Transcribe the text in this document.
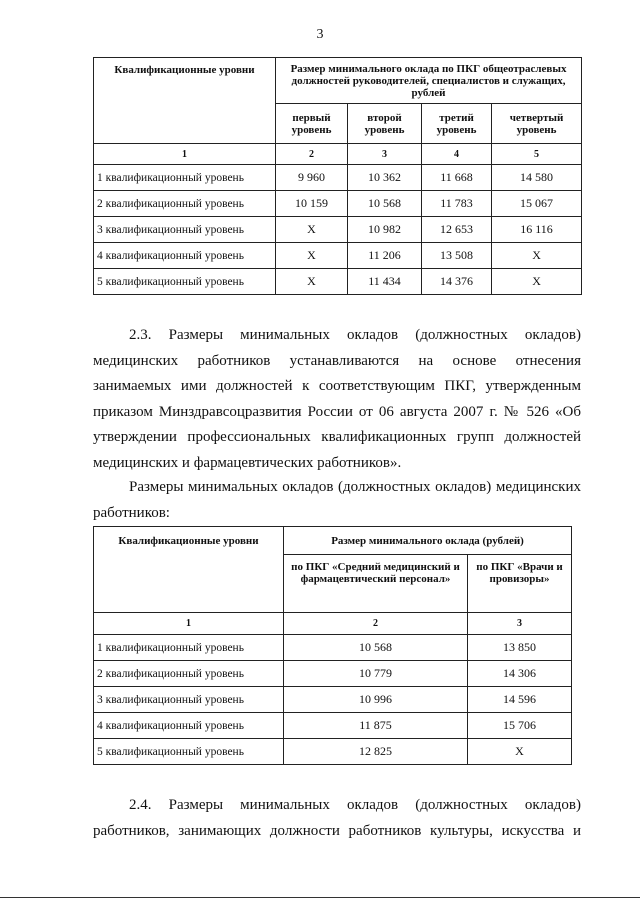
3
Квалификационные уровни	Размер минимального оклада по ПКГ общеотраслевых должностей руководителей, специалистов и служащих, рублей			
	первый уровень	второй уровень	третий уровень	четвертый уровень
1	2	3	4	5
1 квалификационный уровень	9 960	10 362	11 668	14 580
2 квалификационный уровень	10 159	10 568	11 783	15 067
3 квалификационный уровень	X	10 982	12 653	16 116
4 квалификационный уровень	X	11 206	13 508	X
5 квалификационный уровень	X	11 434	14 376	X

2.3. Размеры минимальных окладов (должностных окладов) медицинских работников устанавливаются на основе отнесения занимаемых ими должностей к соответствующим ПКГ, утвержденным приказом Минздравсоцразвития России от 06 августа 2007 г. № 526 «Об утверждении профессиональных квалификационных групп должностей медицинских и фармацевтических работников».

Размеры минимальных окладов (должностных окладов) медицинских работников:

Квалификационные уровни	Размер минимального оклада (рублей)	
	по ПКГ «Средний медицинский и фармацевтический персонал»	по ПКГ «Врачи и провизоры»
1	2	3
1 квалификационный уровень	10 568	13 850
2 квалификационный уровень	10 779	14 306
3 квалификационный уровень	10 996	14 596
4 квалификационный уровень	11 875	15 706
5 квалификационный уровень	12 825	X

2.4. Размеры минимальных окладов (должностных окладов) работников, занимающих должности работников культуры, искусства и
